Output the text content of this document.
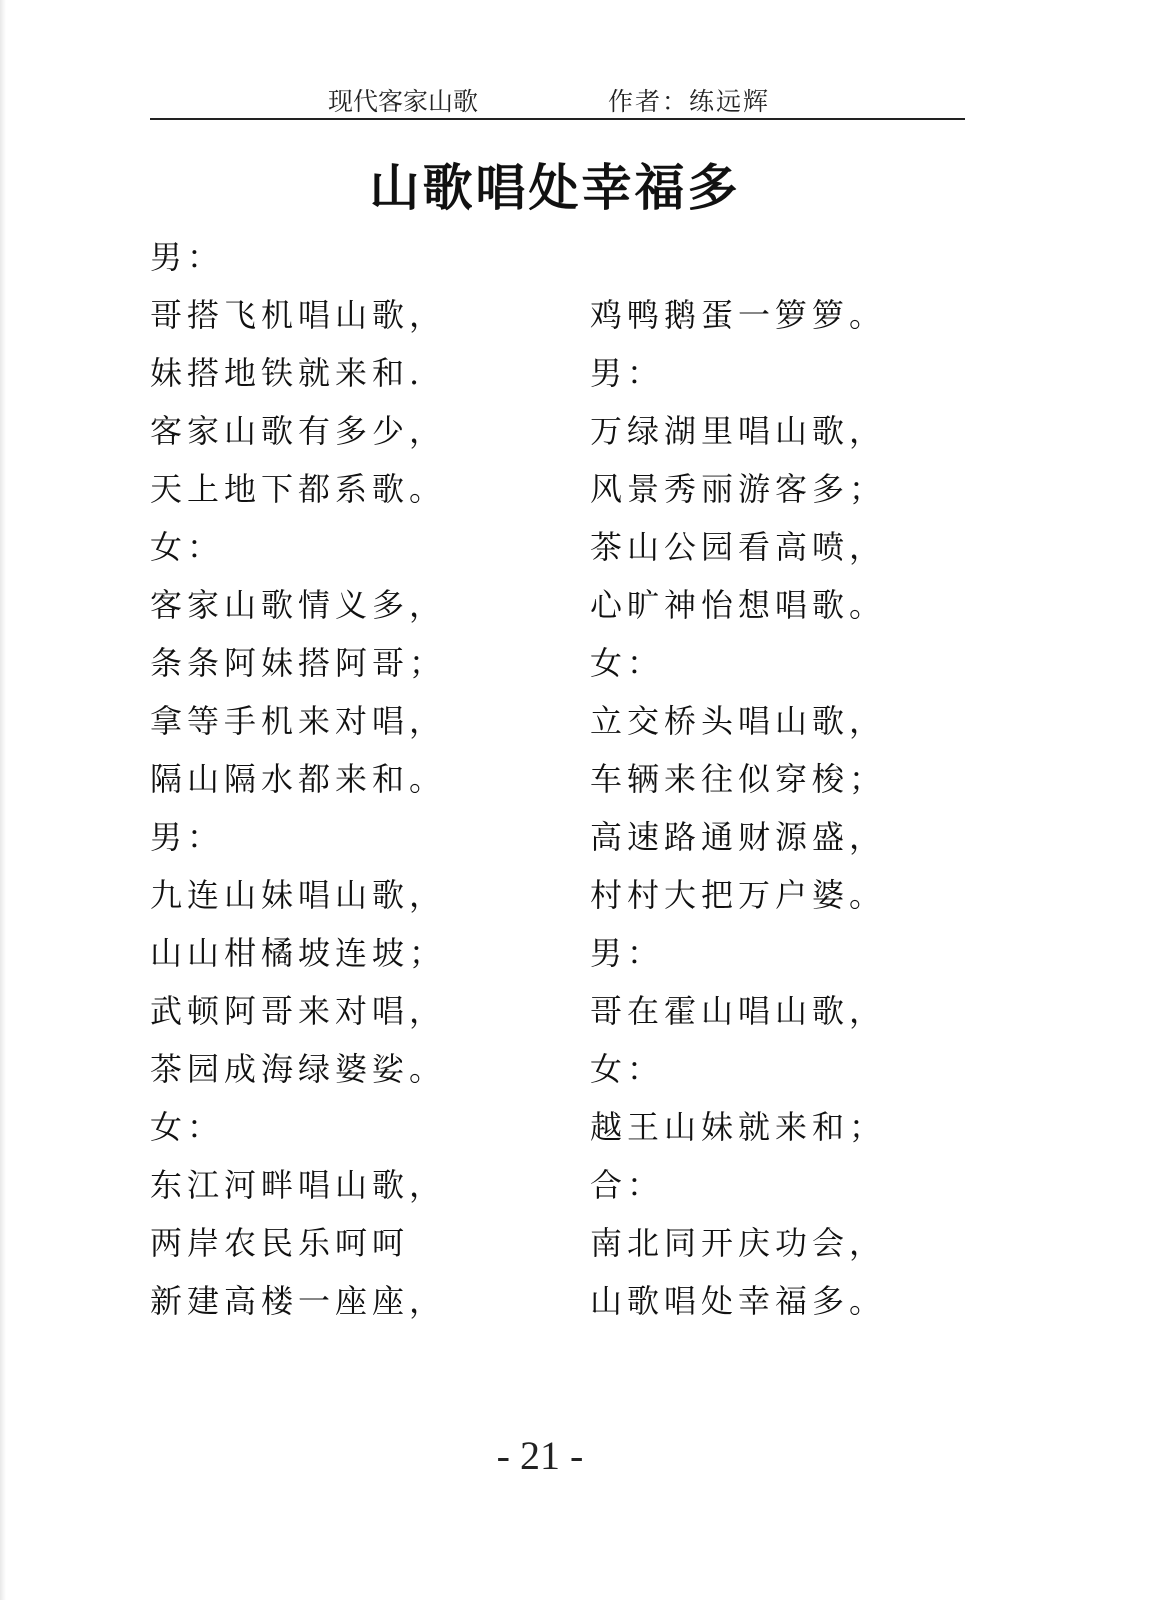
现代客家山歌	作者：练远辉
山歌唱处幸福多
男：
哥搭飞机唱山歌，
妹搭地铁就来和.
客家山歌有多少，
天上地下都系歌。
女：
客家山歌情义多，
条条阿妹搭阿哥；
拿等手机来对唱，
隔山隔水都来和。
男：
九连山妹唱山歌，
山山柑橘坡连坡；
武顿阿哥来对唱，
茶园成海绿婆娑。
女：
东江河畔唱山歌，
两岸农民乐呵呵
新建高楼一座座，
鸡鸭鹅蛋一箩箩。
男：
万绿湖里唱山歌，
风景秀丽游客多；
茶山公园看高喷，
心旷神怡想唱歌。
女：
立交桥头唱山歌，
车辆来往似穿梭；
高速路通财源盛，
村村大把万户婆。
男：
哥在霍山唱山歌，
女：
越王山妹就来和；
合：
南北同开庆功会，
山歌唱处幸福多。
- 21 -
